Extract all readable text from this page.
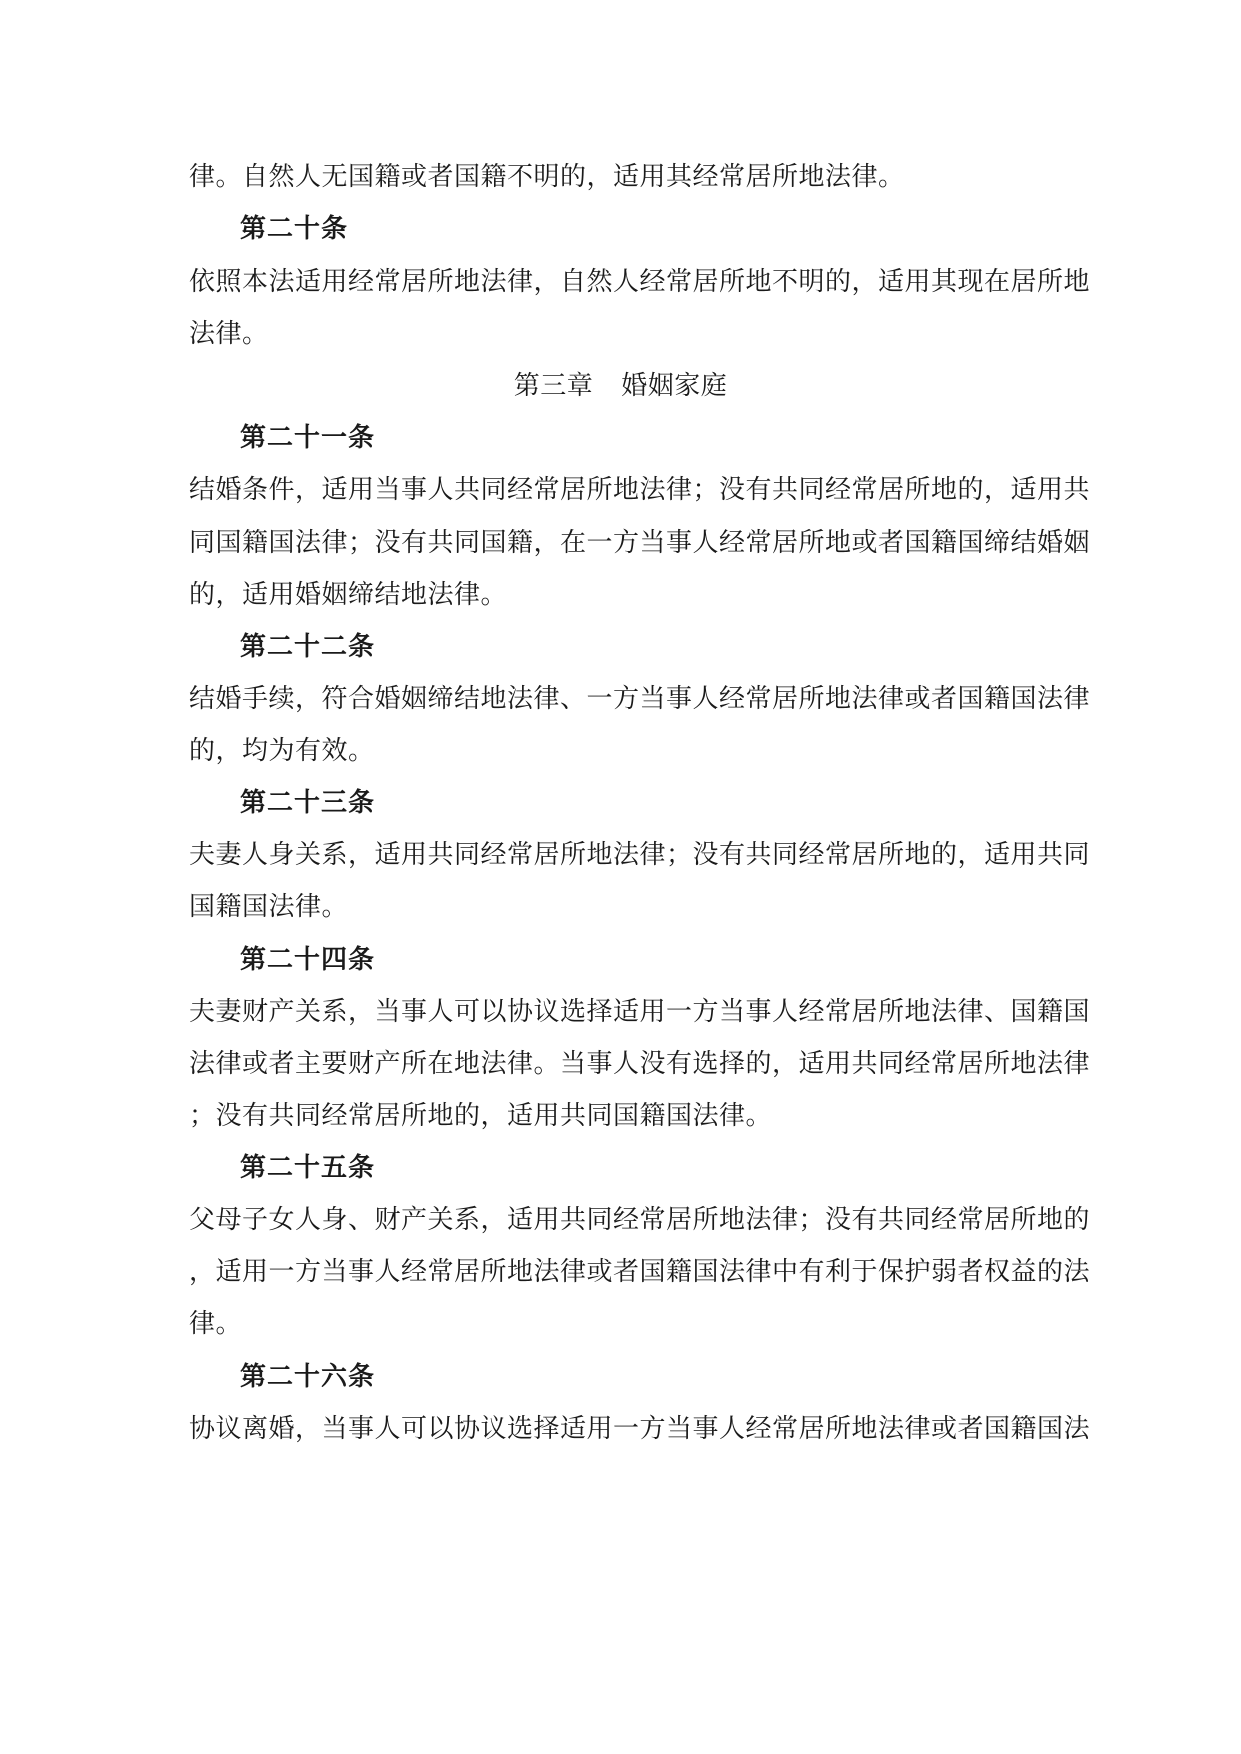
律。自然人无国籍或者国籍不明的，适用其经常居所地法律。
第二十条
依照本法适用经常居所地法律，自然人经常居所地不明的，适用其现在居所地
法律。
第三章 婚姻家庭
第二十一条
结婚条件，适用当事人共同经常居所地法律；没有共同经常居所地的，适用共
同国籍国法律；没有共同国籍，在一方当事人经常居所地或者国籍国缔结婚姻
的，适用婚姻缔结地法律。
第二十二条
结婚手续，符合婚姻缔结地法律、一方当事人经常居所地法律或者国籍国法律
的，均为有效。
第二十三条
夫妻人身关系，适用共同经常居所地法律；没有共同经常居所地的，适用共同
国籍国法律。
第二十四条
夫妻财产关系，当事人可以协议选择适用一方当事人经常居所地法律、国籍国
法律或者主要财产所在地法律。当事人没有选择的，适用共同经常居所地法律
；没有共同经常居所地的，适用共同国籍国法律。
第二十五条
父母子女人身、财产关系，适用共同经常居所地法律；没有共同经常居所地的
，适用一方当事人经常居所地法律或者国籍国法律中有利于保护弱者权益的法
律。
第二十六条
协议离婚，当事人可以协议选择适用一方当事人经常居所地法律或者国籍国法
